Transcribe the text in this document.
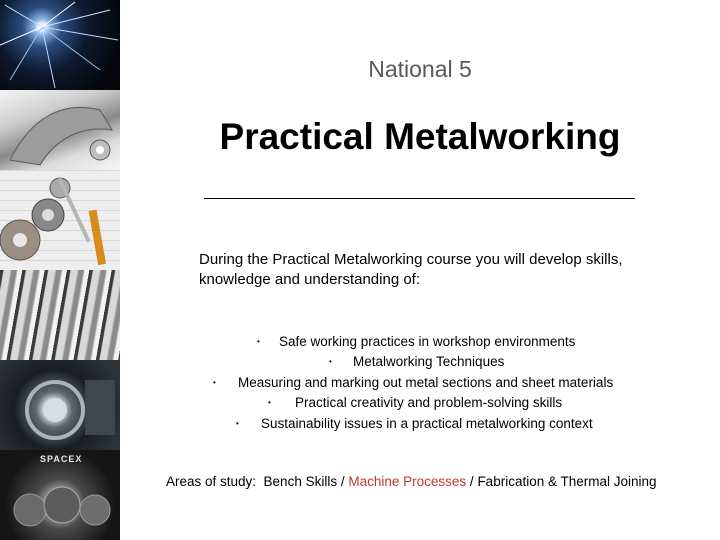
SPACEX
National 5
Practical Metalworking
During the Practical Metalworking course you will develop skills, knowledge and understanding of:
• Safe working practices in workshop environments
• Metalworking Techniques
• Measuring and marking out metal sections and sheet materials
• Practical creativity and problem-solving skills
• Sustainability issues in a practical metalworking context
Areas of study:  Bench Skills / Machine Processes / Fabrication & Thermal Joining
